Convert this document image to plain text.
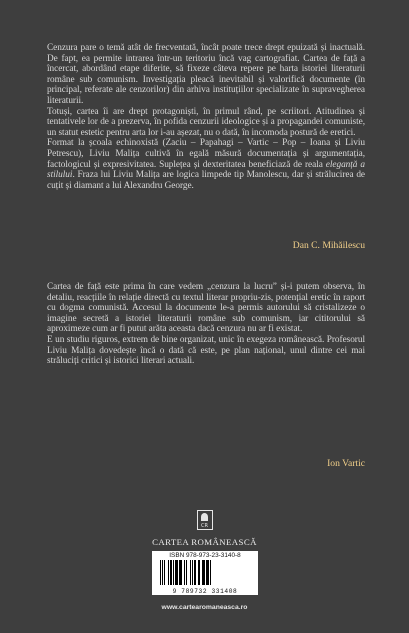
Cenzura pare o temă atât de frecventată, încât poate trece drept epuizată și inactuală. De fapt, ea permite intrarea într-un teritoriu încă vag cartografiat. Cartea de față a încercat, abordând etape diferite, să fixeze câteva repere pe harta istoriei literaturii române sub comunism. Investigația pleacă inevitabil și valorifică documente (în principal, referate ale cenzorilor) din arhiva instituțiilor specializate în supravegherea literaturii.

Totuși, cartea îi are drept protagoniști, în primul rând, pe scriitori. Atitudinea și tentativele lor de a prezerva, în pofida cenzurii ideologice și a propagandei comuniste, un statut estetic pentru arta lor i-au așezat, nu o dată, în incomoda postură de eretici.

Format la școala echinoxistă (Zaciu – Papahagi – Vartic – Pop – Ioana și Liviu Petrescu), Liviu Malița cultivă în egală măsură documentația și argumentația, factologicul și expresivitatea. Suplețea și dexteritatea beneficiază de reala eleganță a stilului. Fraza lui Liviu Malița are logica limpede tip Manolescu, dar și strălucirea de cuțit și diamant a lui Alexandru George.

Dan C. Mihăilescu

Cartea de față este prima în care vedem „cenzura la lucru” și-i putem observa, în detaliu, reacțiile în relație directă cu textul literar propriu-zis, potențial eretic în raport cu dogma comunistă. Accesul la documente le-a permis autorului să cristalizeze o imagine secretă a istoriei literaturii române sub comunism, iar cititorului să aproximeze cum ar fi putut arăta aceasta dacă cenzura nu ar fi existat.

E un studiu riguros, extrem de bine organizat, unic în exegeza românească. Profesorul Liviu Malița dovedește încă o dată că este, pe plan național, unul dintre cei mai străluciți critici și istorici literari actuali.

Ion Vartic
CR
CARTEA ROMÂNEASCĂ
ISBN 978-973-23-3140-8
9 789732 331408
www.cartearomaneasca.ro
